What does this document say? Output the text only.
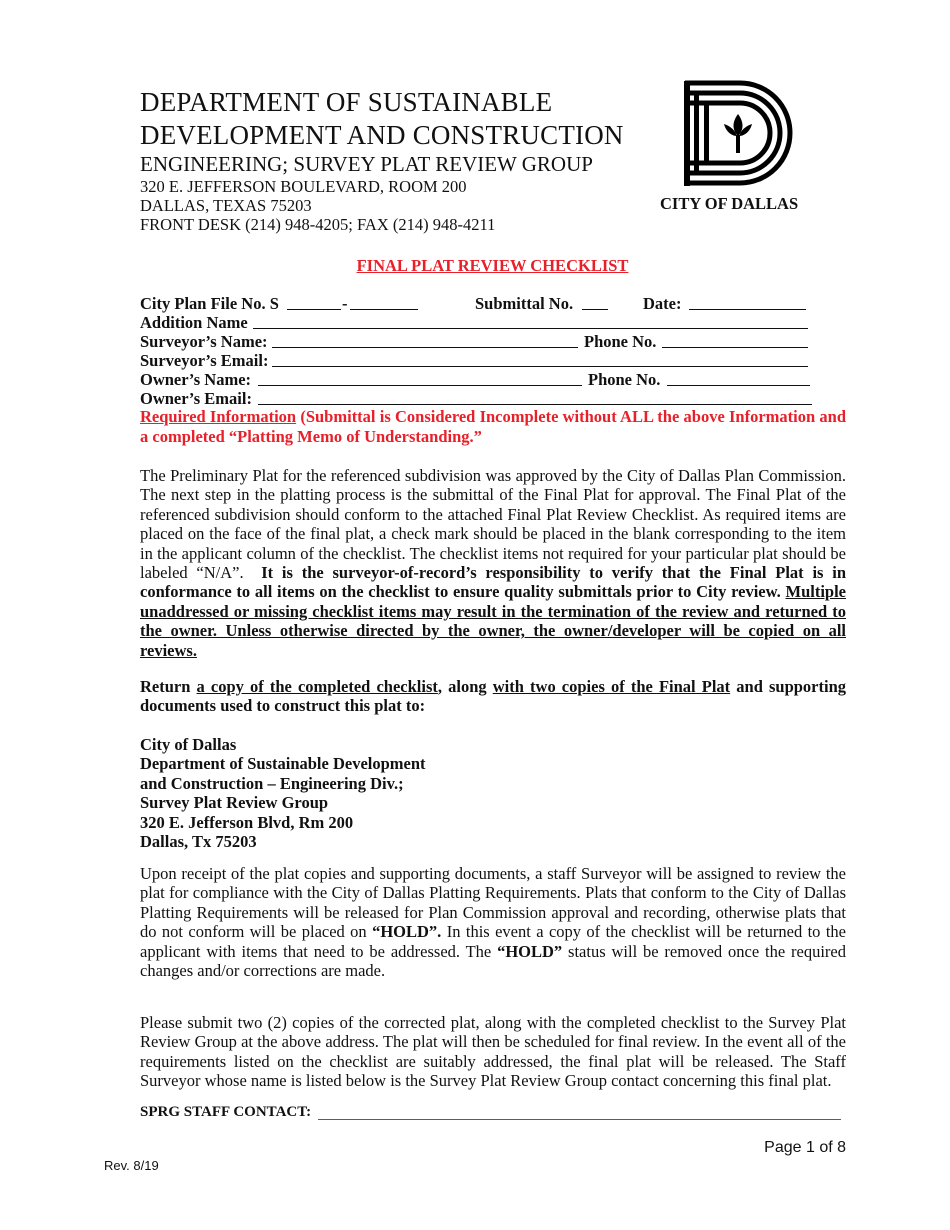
DEPARTMENT OF SUSTAINABLE
DEVELOPMENT AND CONSTRUCTION
ENGINEERING; SURVEY PLAT REVIEW GROUP
320 E. JEFFERSON BOULEVARD, ROOM 200
DALLAS, TEXAS 75203
FRONT DESK (214) 948-4205; FAX (214) 948-4211
CITY OF DALLAS
FINAL PLAT REVIEW CHECKLIST
City Plan File No. S	-	Submittal No.	Date:
Addition Name
Surveyor’s Name:	Phone No.
Surveyor’s Email:
Owner’s Name:	Phone No.
Owner’s Email:
Required Information (Submittal is Considered Incomplete without ALL the above Information and a completed “Platting Memo of Understanding.”
The Preliminary Plat for the referenced subdivision was approved by the City of Dallas Plan Commission. The next step in the platting process is the submittal of the Final Plat for approval. The Final Plat of the referenced subdivision should conform to the attached Final Plat Review Checklist. As required items are placed on the face of the final plat, a check mark should be placed in the blank corresponding to the item in the applicant column of the checklist. The checklist items not required for your particular plat should be labeled “N/A”. It is the surveyor-of-record’s responsibility to verify that the Final Plat is in conformance to all items on the checklist to ensure quality submittals prior to City review. Multiple unaddressed or missing checklist items may result in the termination of the review and returned to the owner. Unless otherwise directed by the owner, the owner/developer will be copied on all reviews.
Return a copy of the completed checklist, along with two copies of the Final Plat and supporting documents used to construct this plat to:
City of Dallas
Department of Sustainable Development
and Construction – Engineering Div.;
Survey Plat Review Group
320 E. Jefferson Blvd, Rm 200
Dallas, Tx 75203
Upon receipt of the plat copies and supporting documents, a staff Surveyor will be assigned to review the plat for compliance with the City of Dallas Platting Requirements. Plats that conform to the City of Dallas Platting Requirements will be released for Plan Commission approval and recording, otherwise plats that do not conform will be placed on “HOLD”. In this event a copy of the checklist will be returned to the applicant with items that need to be addressed. The “HOLD” status will be removed once the required changes and/or corrections are made.
Please submit two (2) copies of the corrected plat, along with the completed checklist to the Survey Plat Review Group at the above address. The plat will then be scheduled for final review. In the event all of the requirements listed on the checklist are suitably addressed, the final plat will be released. The Staff Surveyor whose name is listed below is the Survey Plat Review Group contact concerning this final plat.
SPRG STAFF CONTACT:
Page 1 of 8
Rev. 8/19
